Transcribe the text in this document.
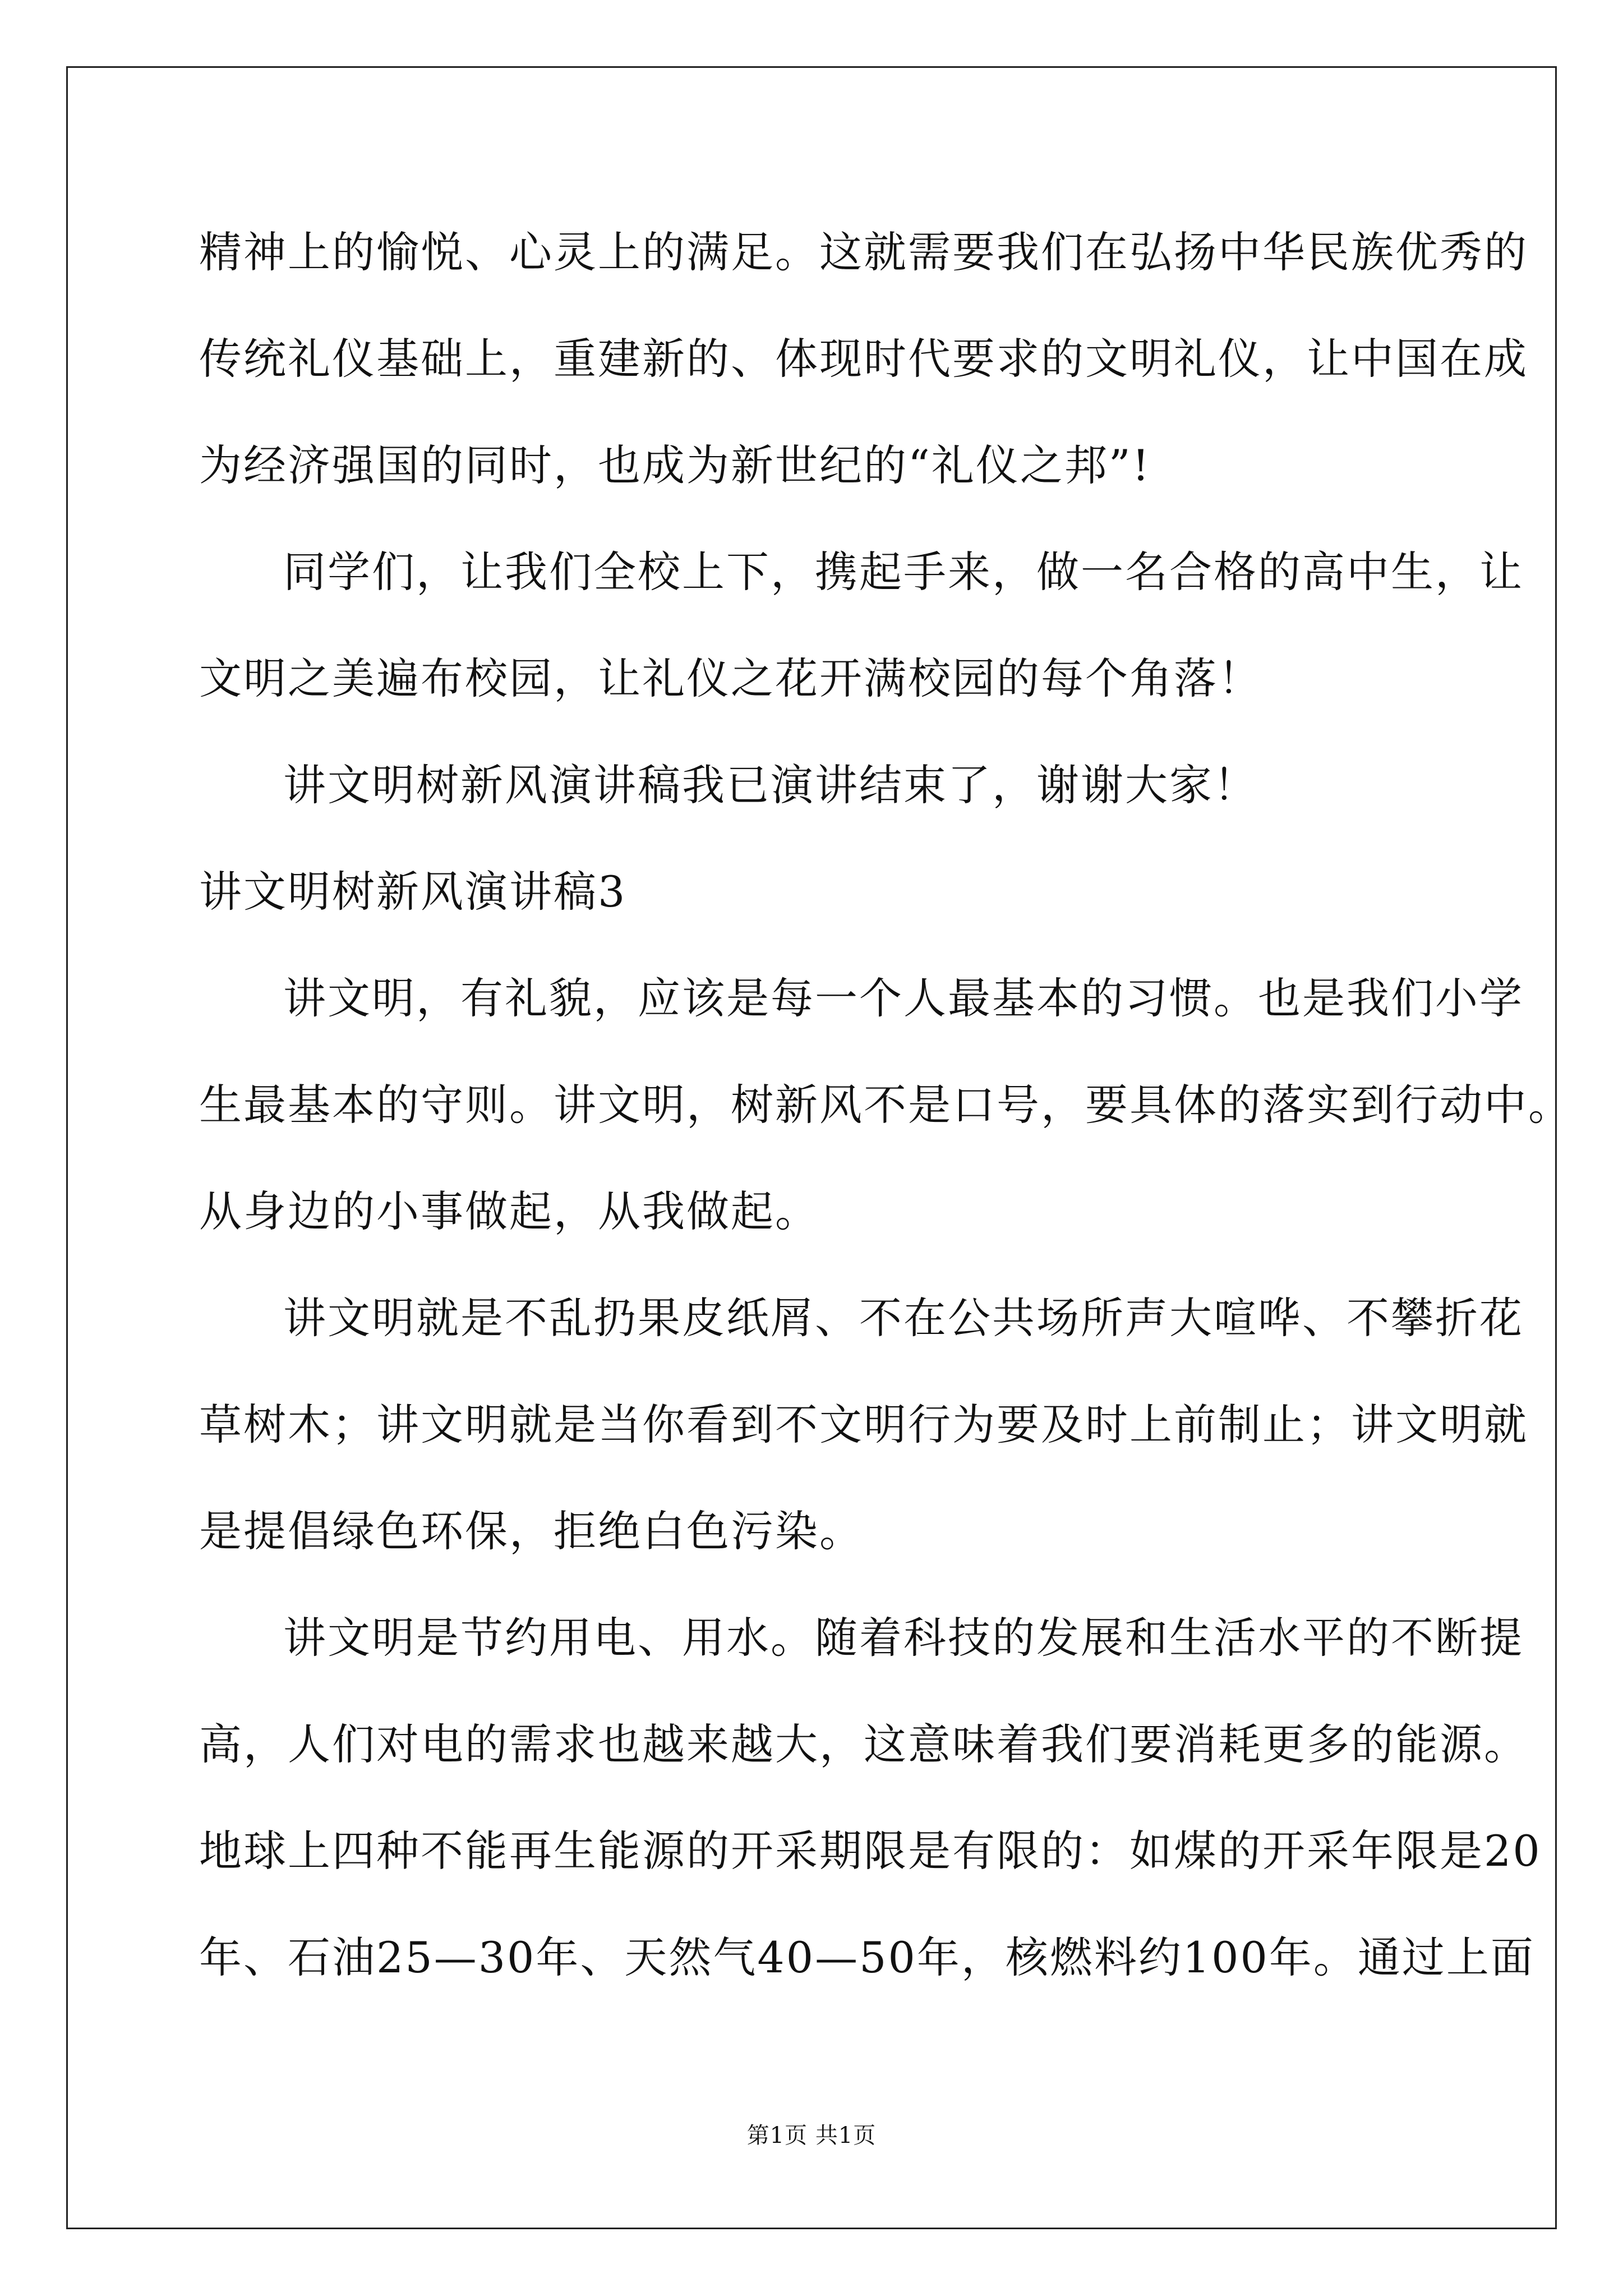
精神上的愉悦、心灵上的满足。这就需要我们在弘扬中华民族优秀的
传统礼仪基础上，重建新的、体现时代要求的文明礼仪，让中国在成
为经济强国的同时，也成为新世纪的“礼仪之邦”!
同学们，让我们全校上下，携起手来，做一名合格的高中生，让
文明之美遍布校园，让礼仪之花开满校园的每个角落！
讲文明树新风演讲稿我已演讲结束了，谢谢大家！
讲文明树新风演讲稿3
讲文明，有礼貌，应该是每一个人最基本的习惯。也是我们小学
生最基本的守则。讲文明，树新风不是口号，要具体的落实到行动中。
从身边的小事做起，从我做起。
讲文明就是不乱扔果皮纸屑、不在公共场所声大喧哗、不攀折花
草树木；讲文明就是当你看到不文明行为要及时上前制止；讲文明就
是提倡绿色环保，拒绝白色污染。
讲文明是节约用电、用水。随着科技的发展和生活水平的不断提
高，人们对电的需求也越来越大，这意味着我们要消耗更多的能源。
地球上四种不能再生能源的开采期限是有限的：如煤的开采年限是20
年、石油25—30年、天然气40—50年，核燃料约100年。通过上面
第1页 共1页
